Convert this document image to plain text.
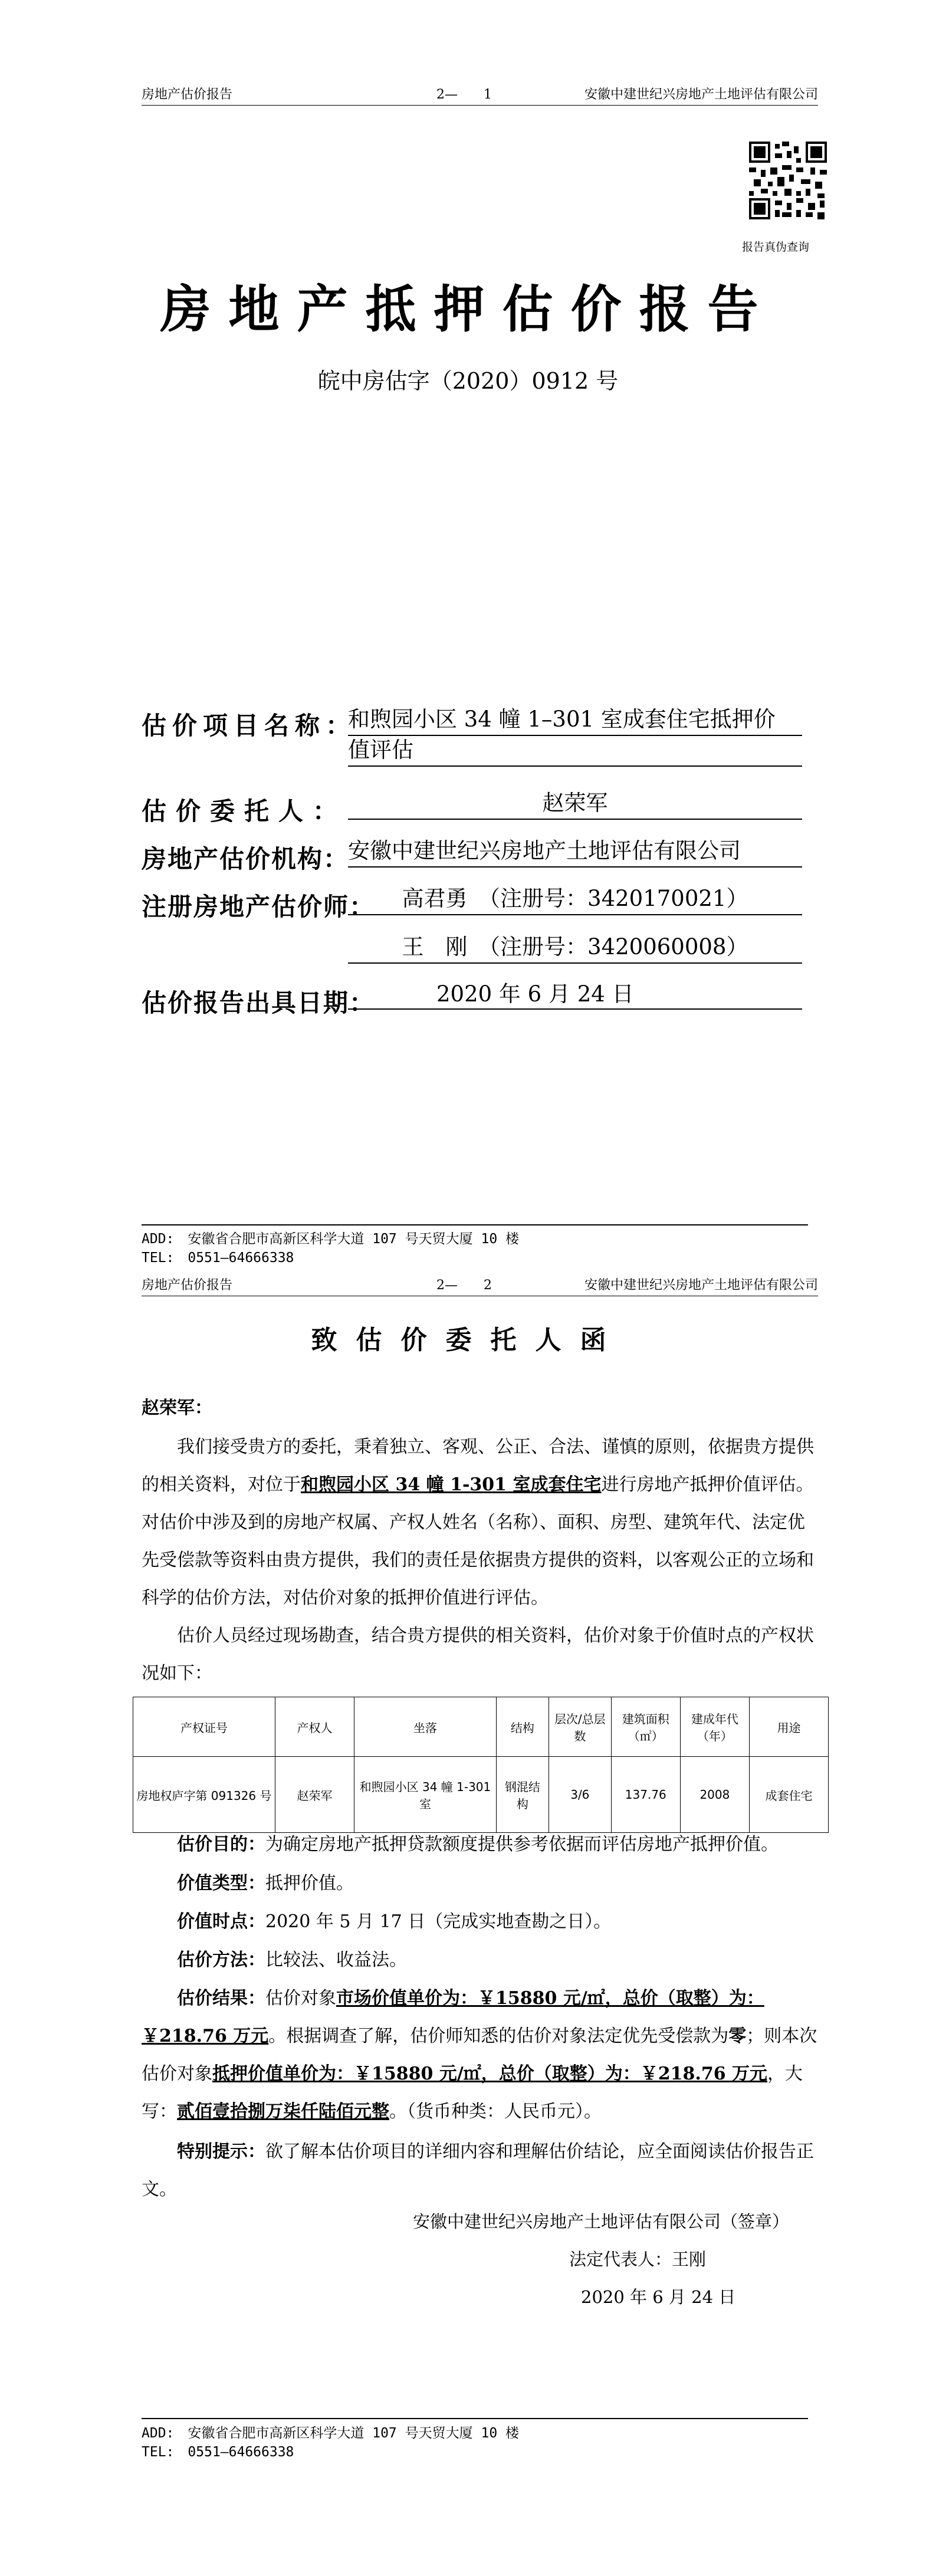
房地产估价报告	2—　　1	安徽中建世纪兴房地产土地评估有限公司
报告真伪查询
房地产抵押估价报告
皖中房估字（2020）0912 号
估价项目名称：
和煦园小区 34 幢 1–301 室成套住宅抵押价
值评估
估价委托人：	赵荣军
房地产估价机构：
安徽中建世纪兴房地产土地评估有限公司
注册房地产估价师：	高君勇　（注册号：3420170021）
王　刚　（注册号：3420060008）
估价报告出具日期：	2020 年 6 月 24 日
ADD:　安徽省合肥市高新区科学大道 107 号天贸大厦 10 楼
TEL:　0551—64666338
房地产估价报告	2—　　2	安徽中建世纪兴房地产土地评估有限公司
致估价委托人函
赵荣军：
我们接受贵方的委托，秉着独立、客观、公正、合法、谨慎的原则，依据贵方提供的相关资料，对位于和煦园小区 34 幢 1-301 室成套住宅进行房地产抵押价值评估。对估价中涉及到的房地产权属、产权人姓名（名称）、面积、房型、建筑年代、法定优先受偿款等资料由贵方提供，我们的责任是依据贵方提供的资料，以客观公正的立场和科学的估价方法，对估价对象的抵押价值进行评估。
估价人员经过现场勘查，结合贵方提供的相关资料，估价对象于价值时点的产权状况如下：
产权证号	产权人	坐落	结构	层次/总层数	建筑面积（㎡）	建成年代（年）	用途
房地权庐字第 091326 号	赵荣军	和煦园小区 34 幢 1-301 室	钢混结构	3/6	137.76	2008	成套住宅
估价目的：为确定房地产抵押贷款额度提供参考依据而评估房地产抵押价值。
价值类型：抵押价值。
价值时点：2020 年 5 月 17 日（完成实地查勘之日）。
估价方法：比较法、收益法。
估价结果：估价对象市场价值单价为：￥15880 元/㎡，总价（取整）为：￥218.76 万元。根据调查了解，估价师知悉的估价对象法定优先受偿款为零；则本次估价对象抵押价值单价为：￥15880 元/㎡，总价（取整）为：￥218.76 万元，大写：贰佰壹拾捌万柒仟陆佰元整。（货币种类：人民币元）。
特别提示：欲了解本估价项目的详细内容和理解估价结论，应全面阅读估价报告正文。
安徽中建世纪兴房地产土地评估有限公司（签章）
法定代表人：王刚
2020 年 6 月 24 日
ADD:　安徽省合肥市高新区科学大道 107 号天贸大厦 10 楼
TEL:　0551—64666338
